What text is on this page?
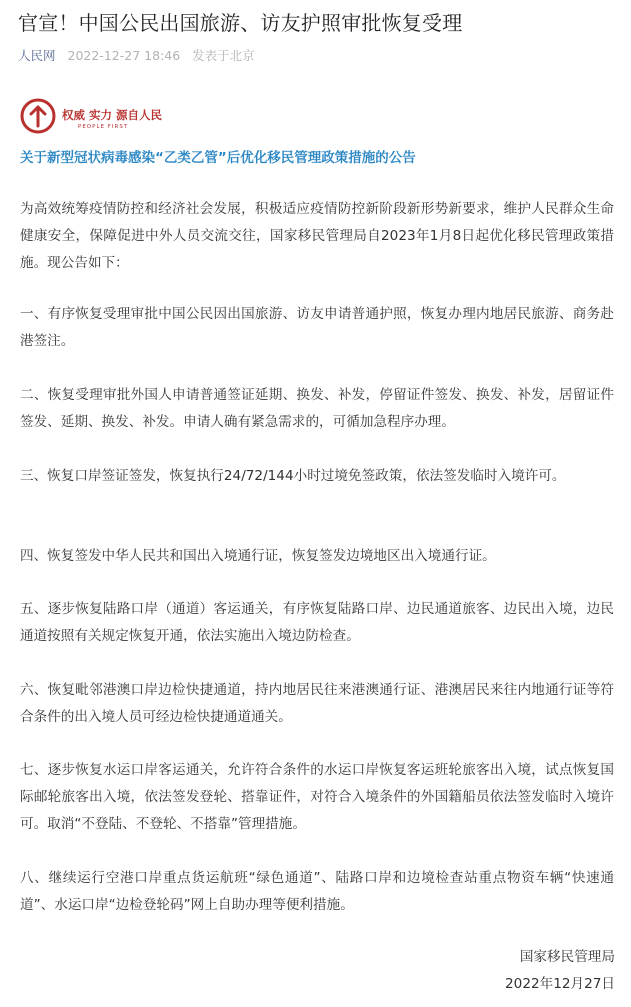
官宣！中国公民出国旅游、访友护照审批恢复受理
人民网 2022-12-27 18:46 发表于北京
权威 实力 源自人民
PEOPLE FIRST
关于新型冠状病毒感染“乙类乙管”后优化移民管理政策措施的公告

为高效统筹疫情防控和经济社会发展，积极适应疫情防控新阶段新形势新要求，维护人民群众生命健康安全，保障促进中外人员交流交往，国家移民管理局自2023年1月8日起优化移民管理政策措施。现公告如下：

一、有序恢复受理审批中国公民因出国旅游、访友申请普通护照，恢复办理内地居民旅游、商务赴港签注。

二、恢复受理审批外国人申请普通签证延期、换发、补发，停留证件签发、换发、补发，居留证件签发、延期、换发、补发。申请人确有紧急需求的，可循加急程序办理。

三、恢复口岸签证签发，恢复执行24/72/144小时过境免签政策，依法签发临时入境许可。

四、恢复签发中华人民共和国出入境通行证，恢复签发边境地区出入境通行证。

五、逐步恢复陆路口岸（通道）客运通关，有序恢复陆路口岸、边民通道旅客、边民出入境，边民通道按照有关规定恢复开通，依法实施出入境边防检查。

六、恢复毗邻港澳口岸边检快捷通道，持内地居民往来港澳通行证、港澳居民来往内地通行证等符合条件的出入境人员可经边检快捷通道通关。

七、逐步恢复水运口岸客运通关，允许符合条件的水运口岸恢复客运班轮旅客出入境，试点恢复国际邮轮旅客出入境，依法签发登轮、搭靠证件，对符合入境条件的外国籍船员依法签发临时入境许可。取消“不登陆、不登轮、不搭靠”管理措施。

八、继续运行空港口岸重点货运航班“绿色通道”、陆路口岸和边境检查站重点物资车辆“快速通道”、水运口岸“边检登轮码”网上自助办理等便利措施。

国家移民管理局
2022年12月27日
